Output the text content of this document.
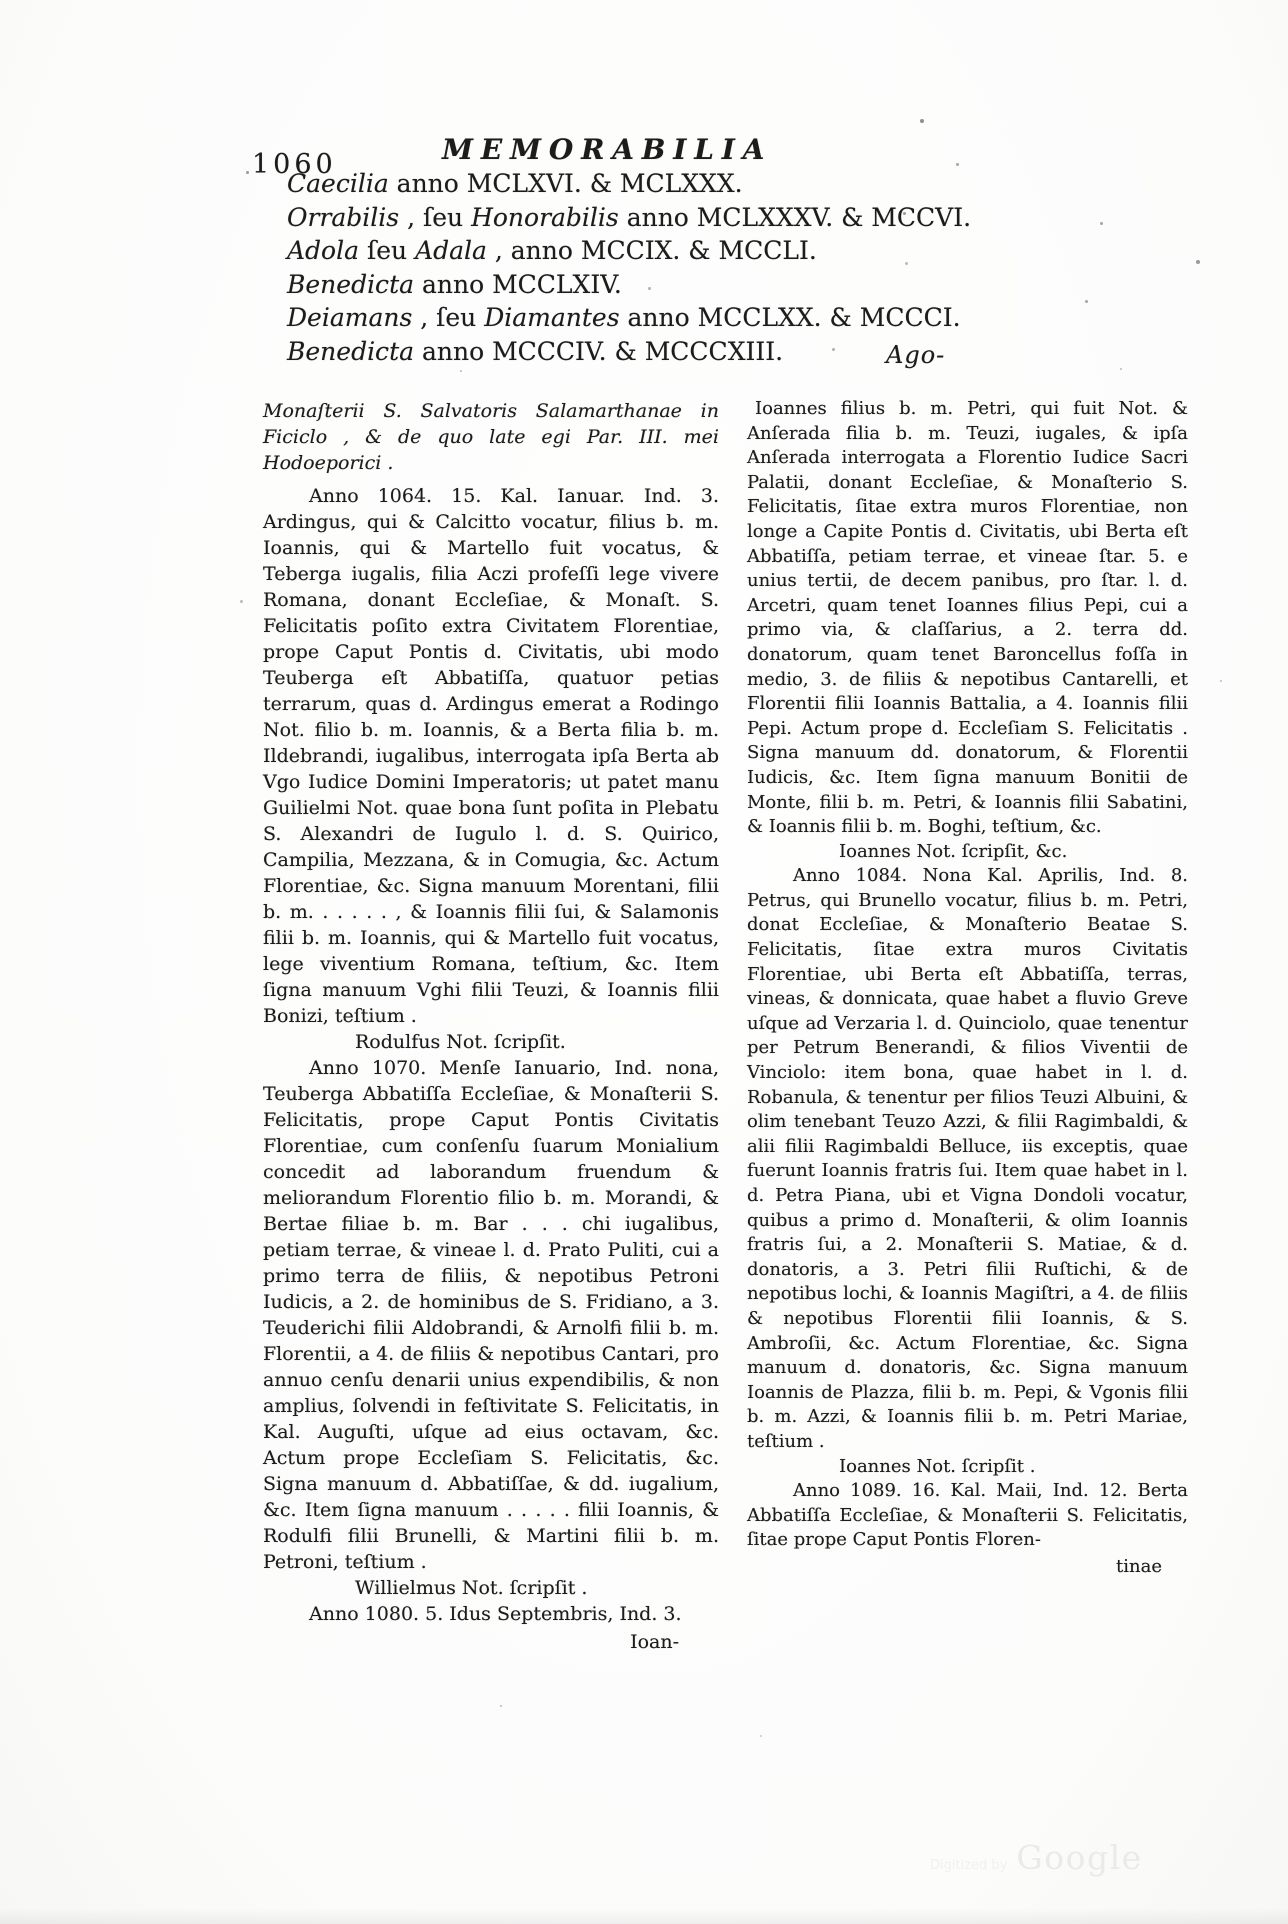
1060	MEMORABILIA
Caecilia anno MCLXVI. & MCLXXX.
Orrabilis , ſeu Honorabilis anno MCLXXXV. & MCCVI.
Adola ſeu Adala , anno MCCIX. & MCCLI.
Benedicta anno MCCLXIV.
Deiamans , ſeu Diamantes anno MCCLXX. & MCCCI.
Benedicta anno MCCCIV. & MCCCXIII.	Ago-
Monaſterii S. Salvatoris Salamarthanae in Ficiclo , & de quo late egi Par. III. mei Hodoeporici .
Anno 1064. 15. Kal. Ianuar. Ind. 3. Ardingus, qui & Calcitto vocatur, filius b. m. Ioannis, qui & Martello fuit vocatus, & Teberga iugalis, filia Aczi profeſſi lege vivere Romana, donant Eccleſiae, & Monaſt. S. Felicitatis poſito extra Civitatem Florentiae, prope Caput Pontis d. Civitatis, ubi modo Teuberga eſt Abbatiſſa, quatuor petias terrarum, quas d. Ardingus emerat a Rodingo Not. filio b. m. Ioannis, & a Berta filia b. m. Ildebrandi, iugalibus, interrogata ipſa Berta ab Vgo Iudice Domini Imperatoris; ut patet manu Guilielmi Not. quae bona ſunt poſita in Plebatu S. Alexandri de Iugulo l. d. S. Quirico, Campilia, Mezzana, & in Comugia, &c. Actum Florentiae, &c. Signa manuum Morentani, filii b. m. . . . . . , & Ioannis filii ſui, & Salamonis filii b. m. Ioannis, qui & Martello fuit vocatus, lege viventium Romana, teſtium, &c. Item ſigna manuum Vghi filii Teuzi, & Ioannis filii Bonizi, teſtium .
Rodulfus Not. ſcripſit.
Anno 1070. Menſe Ianuario, Ind. nona, Teuberga Abbatiſſa Eccleſiae, & Monaſterii S. Felicitatis, prope Caput Pontis Civitatis Florentiae, cum conſenſu ſuarum Monialium concedit ad laborandum fruendum & meliorandum Florentio filio b. m. Morandi, & Bertae filiae b. m. Bar . . . chi iugalibus, petiam terrae, & vineae l. d. Prato Puliti, cui a primo terra de filiis, & nepotibus Petroni Iudicis, a 2. de hominibus de S. Fridiano, a 3. Teuderichi filii Aldobrandi, & Arnolfi filii b. m. Florentii, a 4. de filiis & nepotibus Cantari, pro annuo cenſu denarii unius expendibilis, & non amplius, ſolvendi in feſtivitate S. Felicitatis, in Kal. Auguſti, uſque ad eius octavam, &c. Actum prope Eccleſiam S. Felicitatis, &c. Signa manuum d. Abbatiſſae, & dd. iugalium, &c. Item ſigna manuum . . . . . filii Ioannis, & Rodulfi filii Brunelli, & Martini filii b. m. Petroni, teſtium .
Willielmus Not. ſcripſit .
Anno 1080. 5. Idus Septembris, Ind. 3.
Ioan-
Ioannes filius b. m. Petri, qui fuit Not. & Anſerada filia b. m. Teuzi, iugales, & ipſa Anſerada interrogata a Florentio Iudice Sacri Palatii, donant Eccleſiae, & Monaſterio S. Felicitatis, ſitae extra muros Florentiae, non longe a Capite Pontis d. Civitatis, ubi Berta eſt Abbatiſſa, petiam terrae, et vineae ſtar. 5. e unius tertii, de decem panibus, pro ſtar. l. d. Arcetri, quam tenet Ioannes filius Pepi, cui a primo via, & claſſarius, a 2. terra dd. donatorum, quam tenet Baroncellus foſſa in medio, 3. de filiis & nepotibus Cantarelli, et Florentii filii Ioannis Battalia, a 4. Ioannis filii Pepi. Actum prope d. Eccleſiam S. Felicitatis . Signa manuum dd. donatorum, & Florentii Iudicis, &c. Item ſigna manuum Bonitii de Monte, filii b. m. Petri, & Ioannis filii Sabatini, & Ioannis filii b. m. Boghi, teſtium, &c.
Ioannes Not. ſcripſit, &c.
Anno 1084. Nona Kal. Aprilis, Ind. 8. Petrus, qui Brunello vocatur, filius b. m. Petri, donat Eccleſiae, & Monaſterio Beatae S. Felicitatis, ſitae extra muros Civitatis Florentiae, ubi Berta eſt Abbatiſſa, terras, vineas, & donnicata, quae habet a fluvio Greve uſque ad Verzaria l. d. Quinciolo, quae tenentur per Petrum Benerandi, & filios Viventii de Vinciolo: item bona, quae habet in l. d. Robanula, & tenentur per filios Teuzi Albuini, & olim tenebant Teuzo Azzi, & filii Ragimbaldi, & alii filii Ragimbaldi Belluce, iis exceptis, quae fuerunt Ioannis fratris ſui. Item quae habet in l. d. Petra Piana, ubi et Vigna Dondoli vocatur, quibus a primo d. Monaſterii, & olim Ioannis fratris ſui, a 2. Monaſterii S. Matiae, & d. donatoris, a 3. Petri filii Ruſtichi, & de nepotibus lochi, & Ioannis Magiſtri, a 4. de filiis & nepotibus Florentii filii Ioannis, & S. Ambroſii, &c. Actum Florentiae, &c. Signa manuum d. donatoris, &c. Signa manuum Ioannis de Plazza, filii b. m. Pepi, & Vgonis filii b. m. Azzi, & Ioannis filii b. m. Petri Mariae, teſtium .
Ioannes Not. ſcripſit .
Anno 1089. 16. Kal. Maii, Ind. 12. Berta Abbatiſſa Eccleſiae, & Monaſterii S. Felicitatis, ſitae prope Caput Pontis Floren-
tinae
Digitized by Google
